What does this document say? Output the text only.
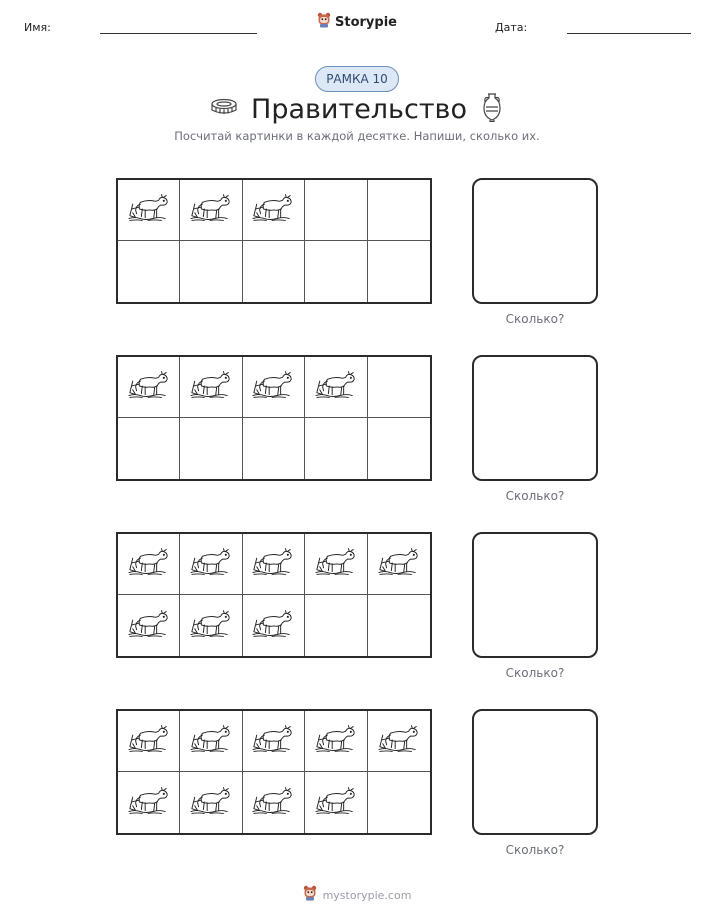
Имя:	Storypie	Дата:
РАМКА 10
Правительство
Посчитай картинки в каждой десятке. Напиши, сколько их.
Сколько?
Сколько?
Сколько?
Сколько?
mystorypie.com
